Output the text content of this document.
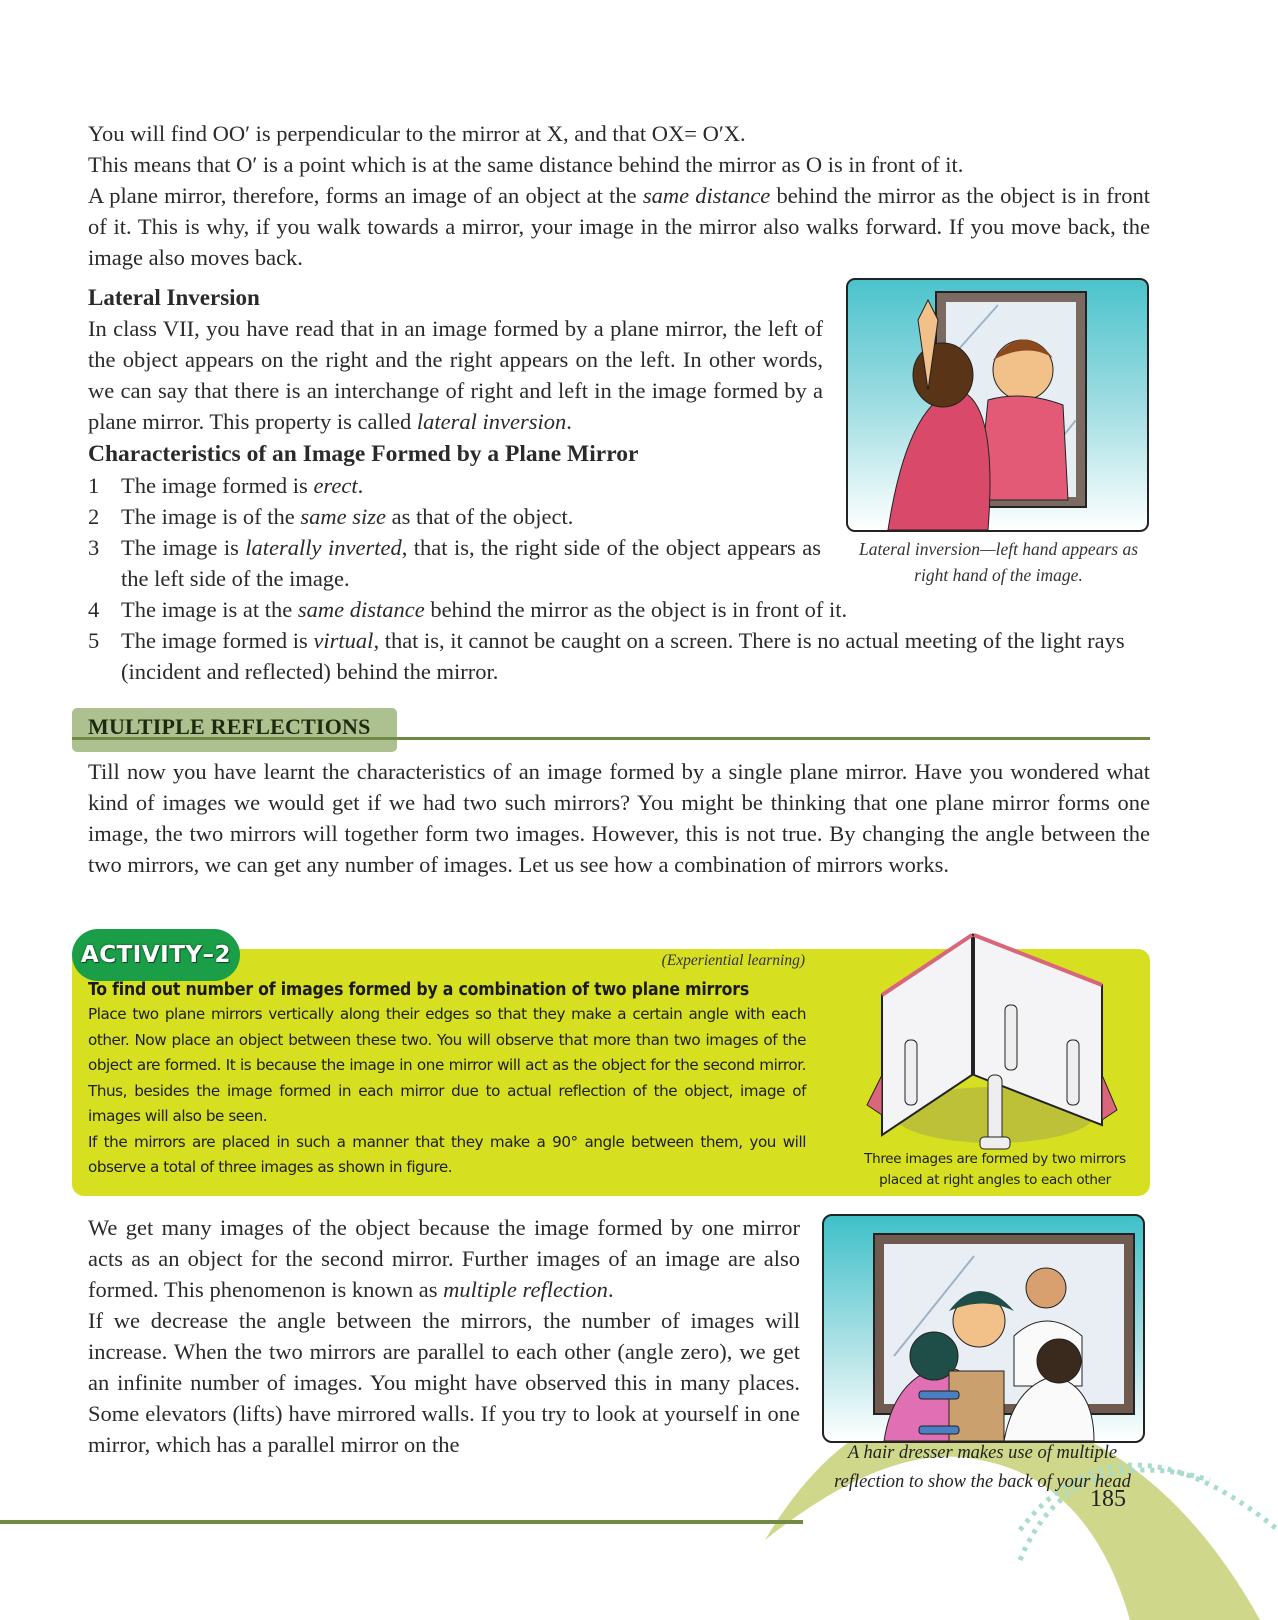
You will find OO′ is perpendicular to the mirror at X, and that OX= O′X.

This means that O′ is a point which is at the same distance behind the mirror as O is in front of it.

A plane mirror, therefore, forms an image of an object at the same distance behind the mirror as the object is in front of it. This is why, if you walk towards a mirror, your image in the mirror also walks forward. If you move back, the image also moves back.

Lateral Inversion

In class VII, you have read that in an image formed by a plane mirror, the left of the object appears on the right and the right appears on the left. In other words, we can say that there is an interchange of right and left in the image formed by a plane mirror. This property is called lateral inversion.

Lateral inversion—left hand appears as right hand of the image.
Characteristics of an Image Formed by a Plane Mirror
1 The image formed is erect.
2 The image is of the same size as that of the object.
3 The image is laterally inverted, that is, the right side of the object appears as the left side of the image.
4 The image is at the same distance behind the mirror as the object is in front of it.
5 The image formed is virtual, that is, it cannot be caught on a screen. There is no actual meeting of the light rays (incident and reflected) behind the mirror.
MULTIPLE REFLECTIONS

Till now you have learnt the characteristics of an image formed by a single plane mirror. Have you wondered what kind of images we would get if we had two such mirrors? You might be thinking that one plane mirror forms one image, the two mirrors will together form two images. However, this is not true. By changing the angle between the two mirrors, we can get any number of images. Let us see how a combination of mirrors works.

ACTIVITY–2	(Experiential learning)
To find out number of images formed by a combination of two plane mirrors

Place two plane mirrors vertically along their edges so that they make a certain angle with each other. Now place an object between these two. You will observe that more than two images of the object are formed. It is because the image in one mirror will act as the object for the second mirror. Thus, besides the image formed in each mirror due to actual reflection of the object, image of images will also be seen.

If the mirrors are placed in such a manner that they make a 90° angle between them, you will observe a total of three images as shown in figure.	Three images are formed by two mirrors placed at right angles to each other

We get many images of the object because the image formed by one mirror acts as an object for the second mirror. Further images of an image are also formed. This phenomenon is known as multiple reflection.

If we decrease the angle between the mirrors, the number of images will increase. When the two mirrors are parallel to each other (angle zero), we get an infinite number of images. You might have observed this in many places. Some elevators (lifts) have mirrored walls. If you try to look at yourself in one mirror, which has a parallel mirror on the	A hair dresser makes use of multiple reflection to show the back of your head
185
